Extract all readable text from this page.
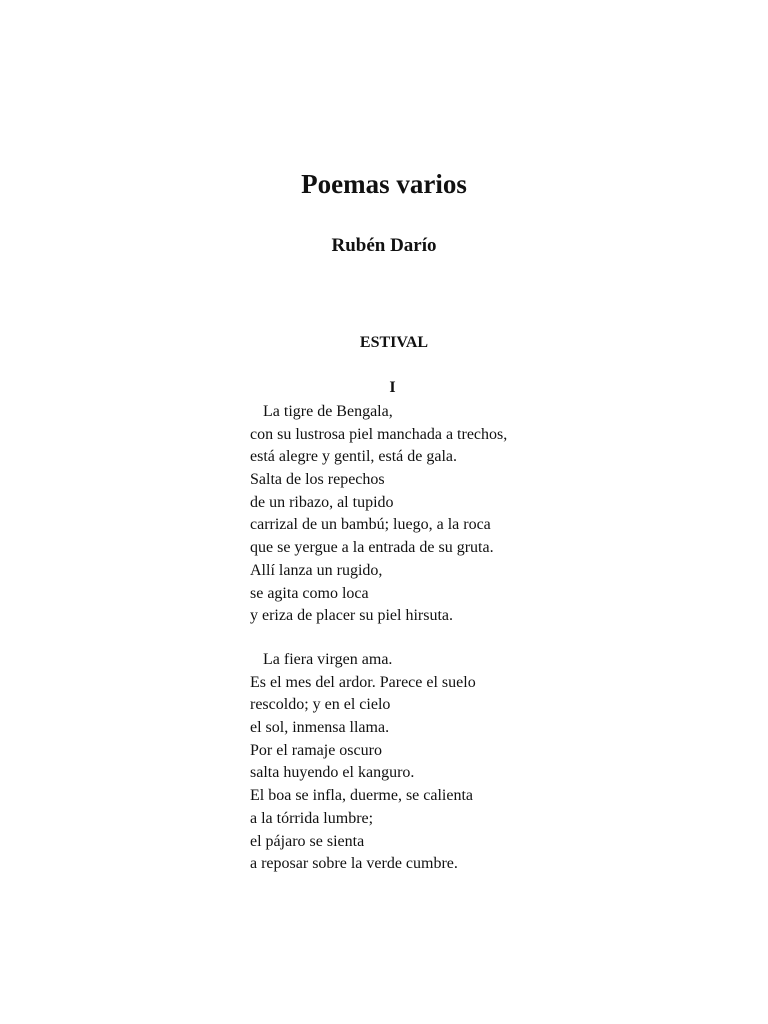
Poemas varios
Rubén Darío
ESTIVAL
I
La tigre de Bengala,
con su lustrosa piel manchada a trechos,
está alegre y gentil, está de gala.
Salta de los repechos
de un ribazo, al tupido
carrizal de un bambú; luego, a la roca
que se yergue a la entrada de su gruta.
Allí lanza un rugido,
se agita como loca
y eriza de placer su piel hirsuta.
La fiera virgen ama.
Es el mes del ardor. Parece el suelo
rescoldo; y en el cielo
el sol, inmensa llama.
Por el ramaje oscuro
salta huyendo el kanguro.
El boa se infla, duerme, se calienta
a la tórrida lumbre;
el pájaro se sienta
a reposar sobre la verde cumbre.
